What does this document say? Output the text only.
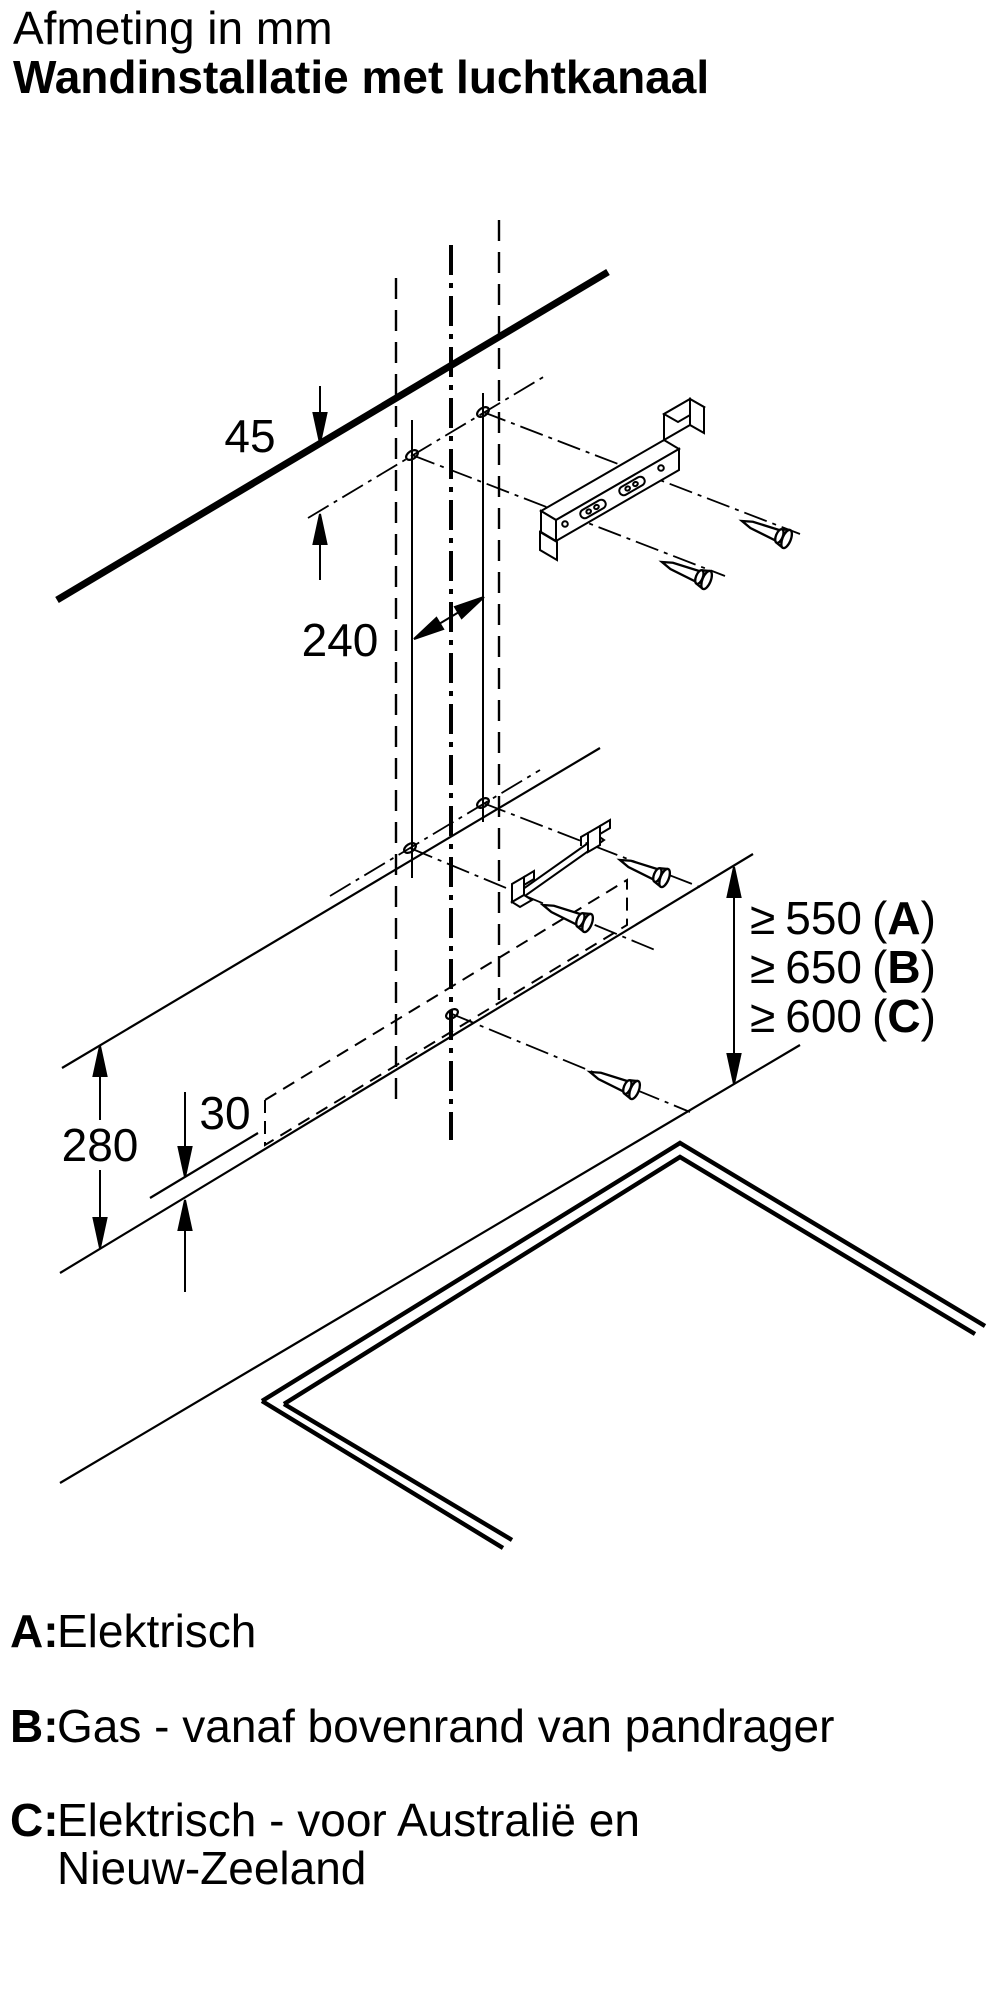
Afmeting in mm
Wandinstallatie met luchtkanaal
45
240
280
30
≥ 550 (A)
≥ 650 (B)
≥ 600 (C)
A:
Elektrisch
B:
Gas - vanaf bovenrand van pandrager
C:
Elektrisch - voor Australië en
Nieuw-Zeeland
